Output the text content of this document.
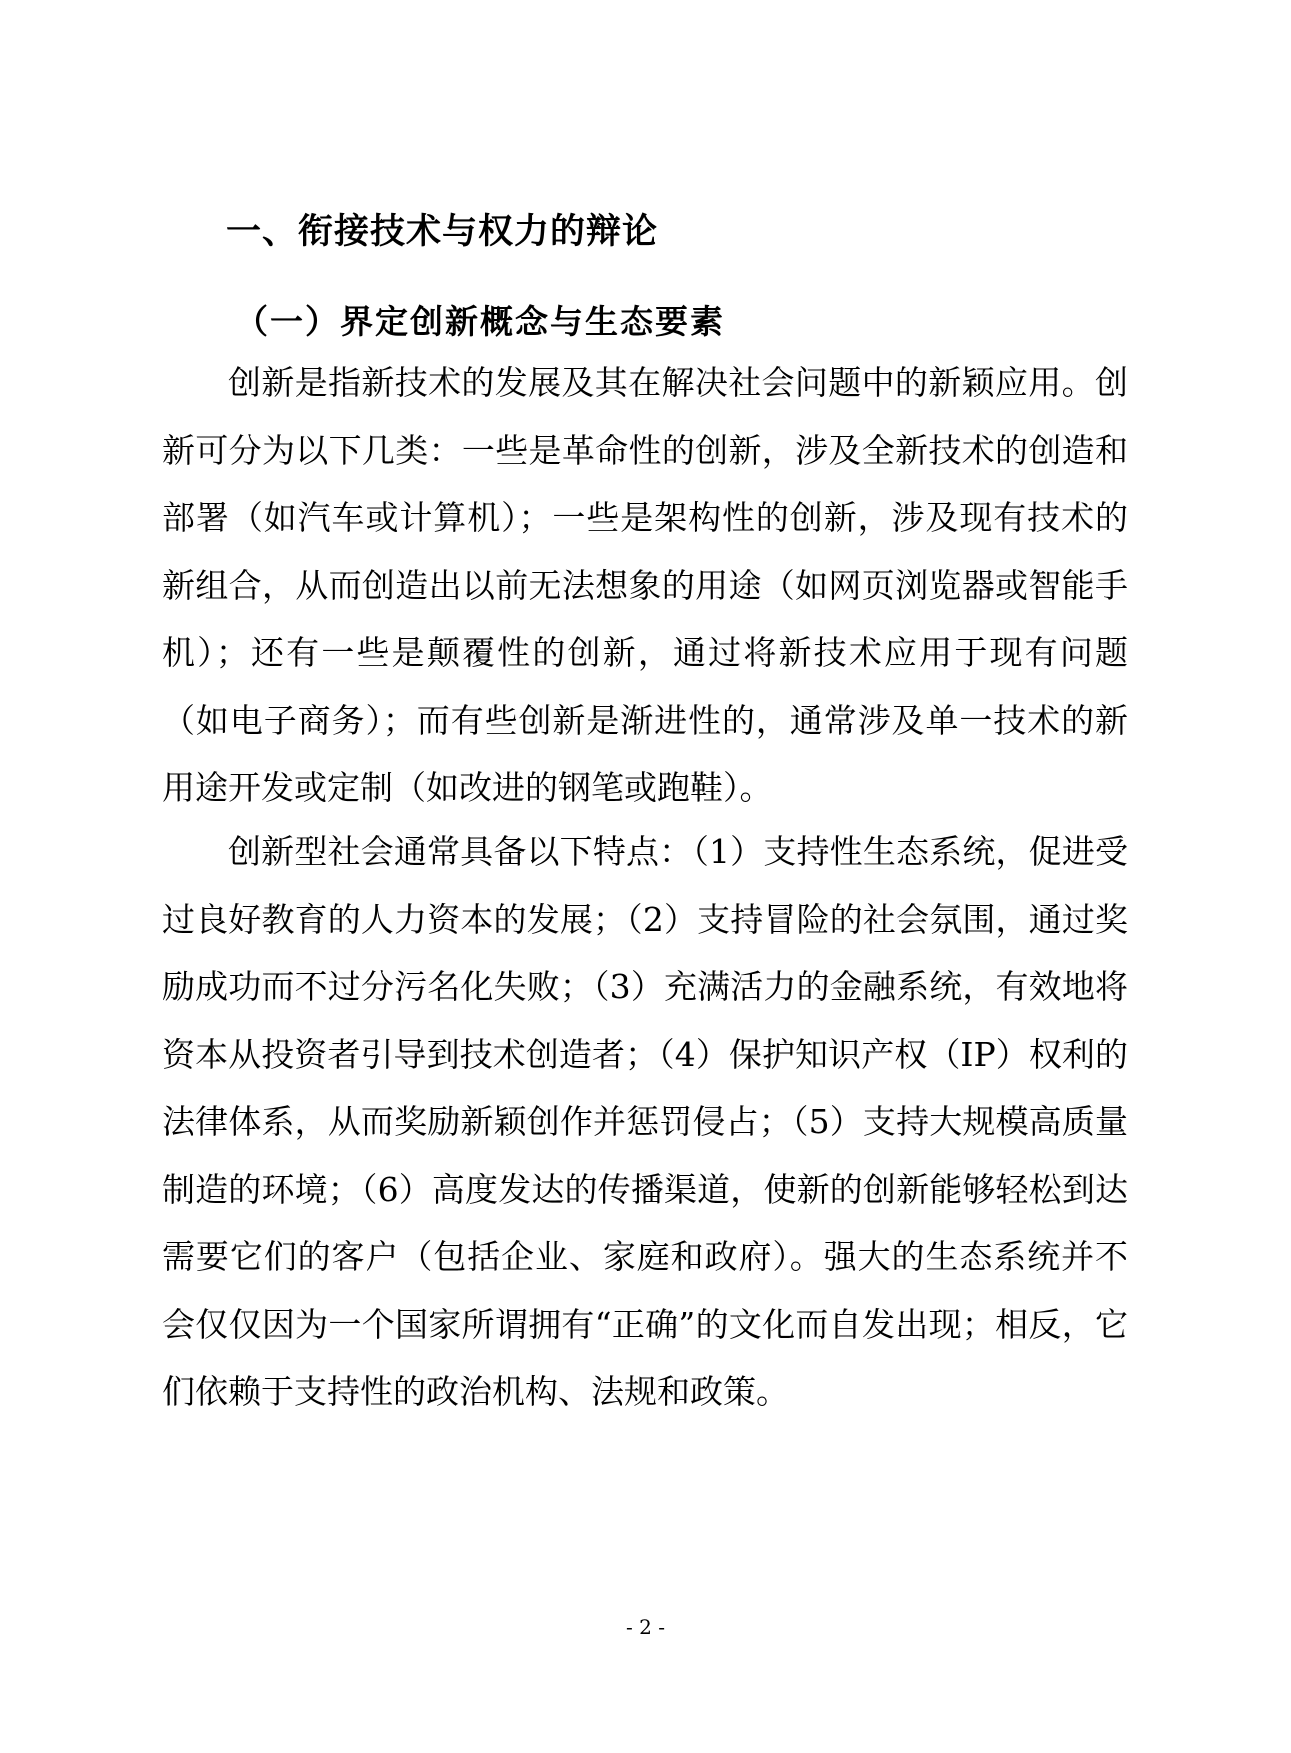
一、衔接技术与权力的辩论
（一）界定创新概念与生态要素

创新是指新技术的发展及其在解决社会问题中的新颖应用。创新可分为以下几类：一些是革命性的创新，涉及全新技术的创造和部署（如汽车或计算机）；一些是架构性的创新，涉及现有技术的新组合，从而创造出以前无法想象的用途（如网页浏览器或智能手机）；还有一些是颠覆性的创新，通过将新技术应用于现有问题（如电子商务）；而有些创新是渐进性的，通常涉及单一技术的新用途开发或定制（如改进的钢笔或跑鞋）。

创新型社会通常具备以下特点：（1）支持性生态系统，促进受过良好教育的人力资本的发展；（2）支持冒险的社会氛围，通过奖励成功而不过分污名化失败；（3）充满活力的金融系统，有效地将资本从投资者引导到技术创造者；（4）保护知识产权（IP）权利的法律体系，从而奖励新颖创作并惩罚侵占；（5）支持大规模高质量制造的环境；（6）高度发达的传播渠道，使新的创新能够轻松到达需要它们的客户（包括企业、家庭和政府）。强大的生态系统并不会仅仅因为一个国家所谓拥有“正确”的文化而自发出现；相反，它们依赖于支持性的政治机构、法规和政策。

- 2 -
